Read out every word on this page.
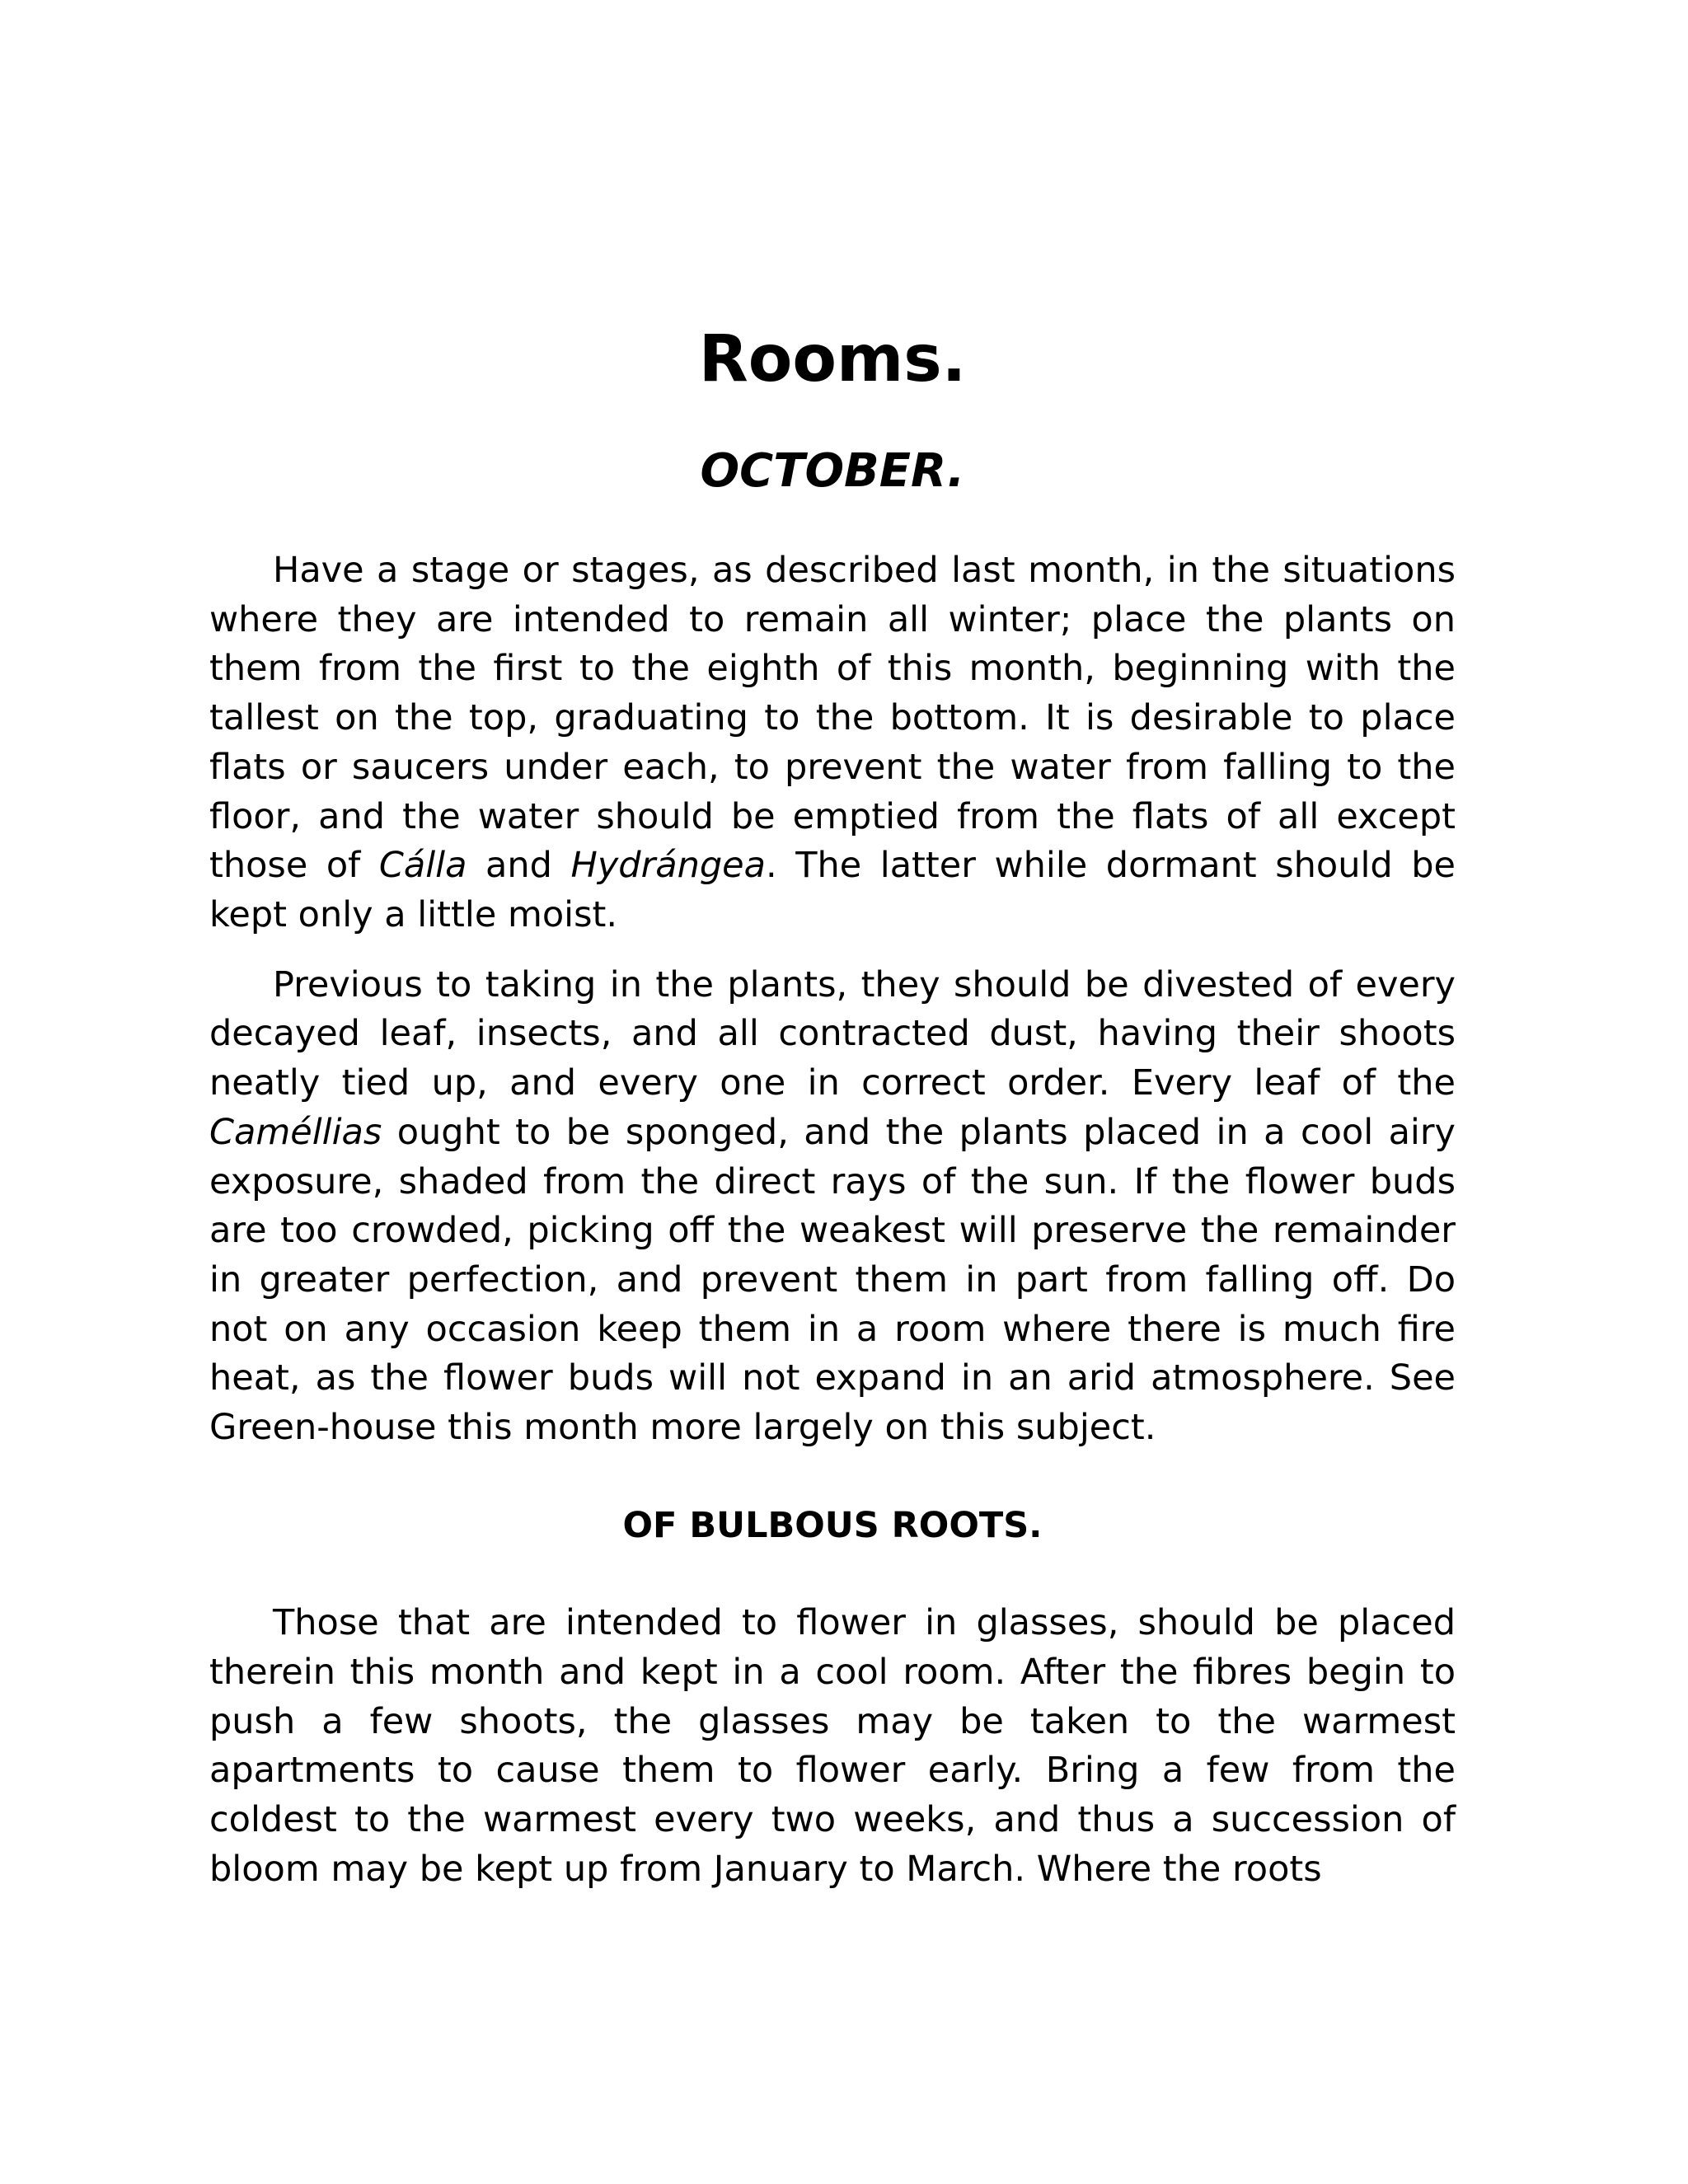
Rooms.
OCTOBER.

Have a stage or stages, as described last month, in the situations where they are intended to remain all winter; place the plants on them from the first to the eighth of this month, beginning with the tallest on the top, graduating to the bottom. It is desirable to place flats or saucers under each, to prevent the water from falling to the floor, and the water should be emptied from the flats of all except those of Cálla and Hydrángea. The latter while dormant should be kept only a little moist.

Previous to taking in the plants, they should be divested of every decayed leaf, insects, and all contracted dust, having their shoots neatly tied up, and every one in correct order. Every leaf of the Caméllias ought to be sponged, and the plants placed in a cool airy exposure, shaded from the direct rays of the sun. If the flower buds are too crowded, picking off the weakest will preserve the remainder in greater perfection, and prevent them in part from falling off. Do not on any occasion keep them in a room where there is much fire heat, as the flower buds will not expand in an arid atmosphere. See Green-house this month more largely on this subject.

OF BULBOUS ROOTS.

Those that are intended to flower in glasses, should be placed therein this month and kept in a cool room. After the fibres begin to push a few shoots, the glasses may be taken to the warmest apartments to cause them to flower early. Bring a few from the coldest to the warmest every two weeks, and thus a succession of bloom may be kept up from January to March. Where the roots
